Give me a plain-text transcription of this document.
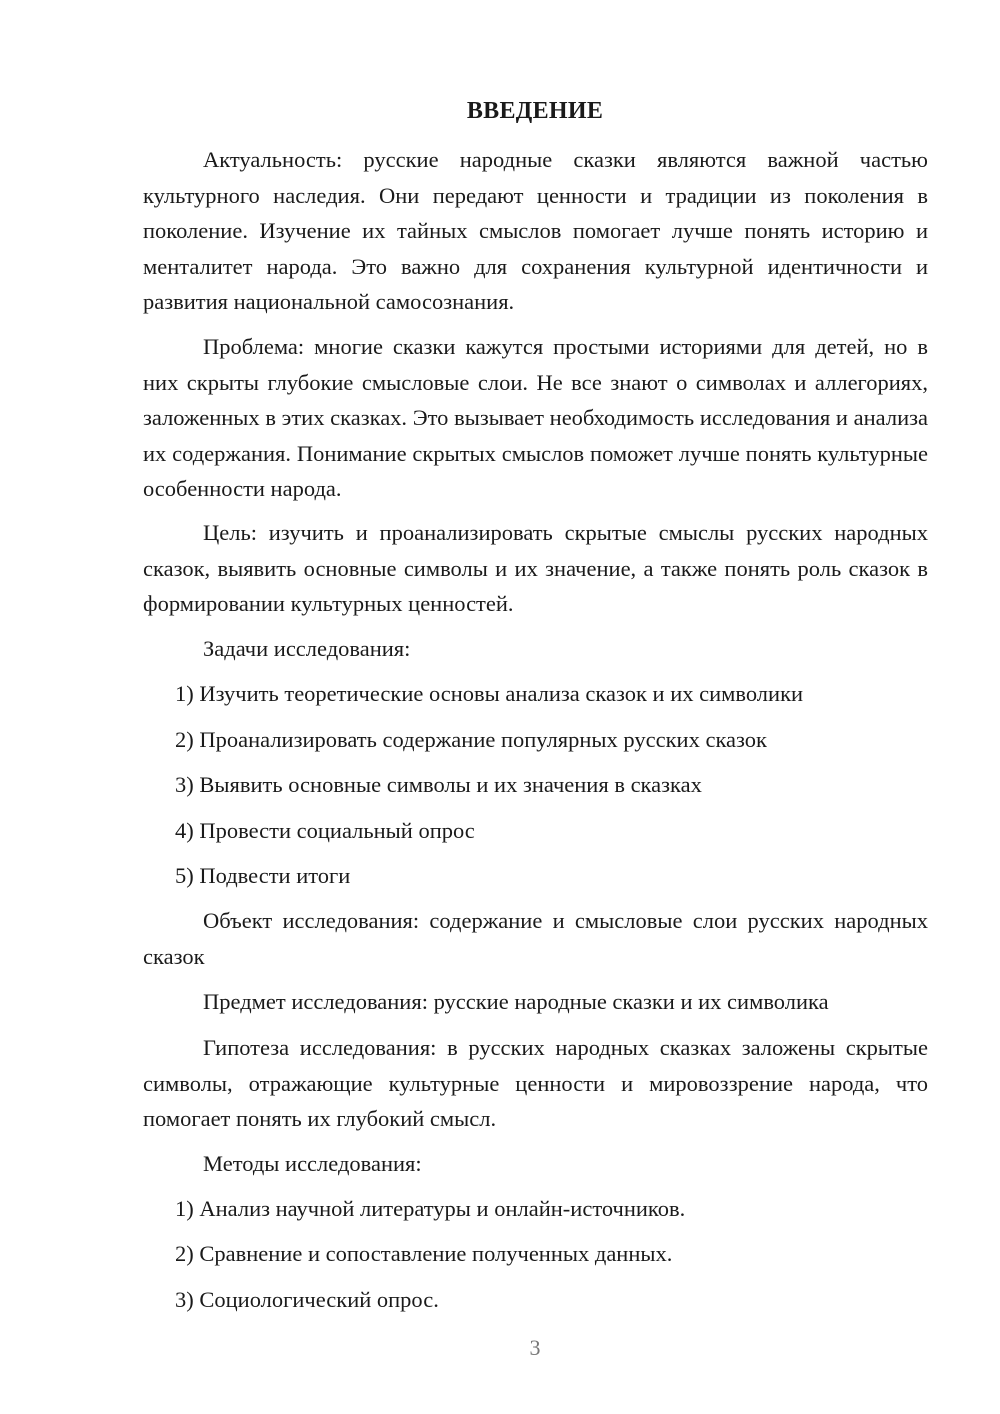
ВВЕДЕНИЕ
Актуальность: русские народные сказки являются важной частью культурного наследия. Они передают ценности и традиции из поколения в поколение. Изучение их тайных смыслов помогает лучше понять историю и менталитет народа. Это важно для сохранения культурной идентичности и развития национальной самосознания.
Проблема: многие сказки кажутся простыми историями для детей, но в них скрыты глубокие смысловые слои. Не все знают о символах и аллегориях, заложенных в этих сказках. Это вызывает необходимость исследования и анализа их содержания. Понимание скрытых смыслов поможет лучше понять культурные особенности народа.
Цель: изучить и проанализировать скрытые смыслы русских народных сказок, выявить основные символы и их значение, а также понять роль сказок в формировании культурных ценностей.
Задачи исследования:
1) Изучить теоретические основы анализа сказок и их символики
2) Проанализировать содержание популярных русских сказок
3) Выявить основные символы и их значения в сказках
4) Провести социальный опрос
5) Подвести итоги
Объект исследования: содержание и смысловые слои русских народных сказок
Предмет исследования: русские народные сказки и их символика
Гипотеза исследования: в русских народных сказках заложены скрытые символы, отражающие культурные ценности и мировоззрение народа, что помогает понять их глубокий смысл.
Методы исследования:
1) Анализ научной литературы и онлайн-источников.
2) Сравнение и сопоставление полученных данных.
3) Социологический опрос.
3
